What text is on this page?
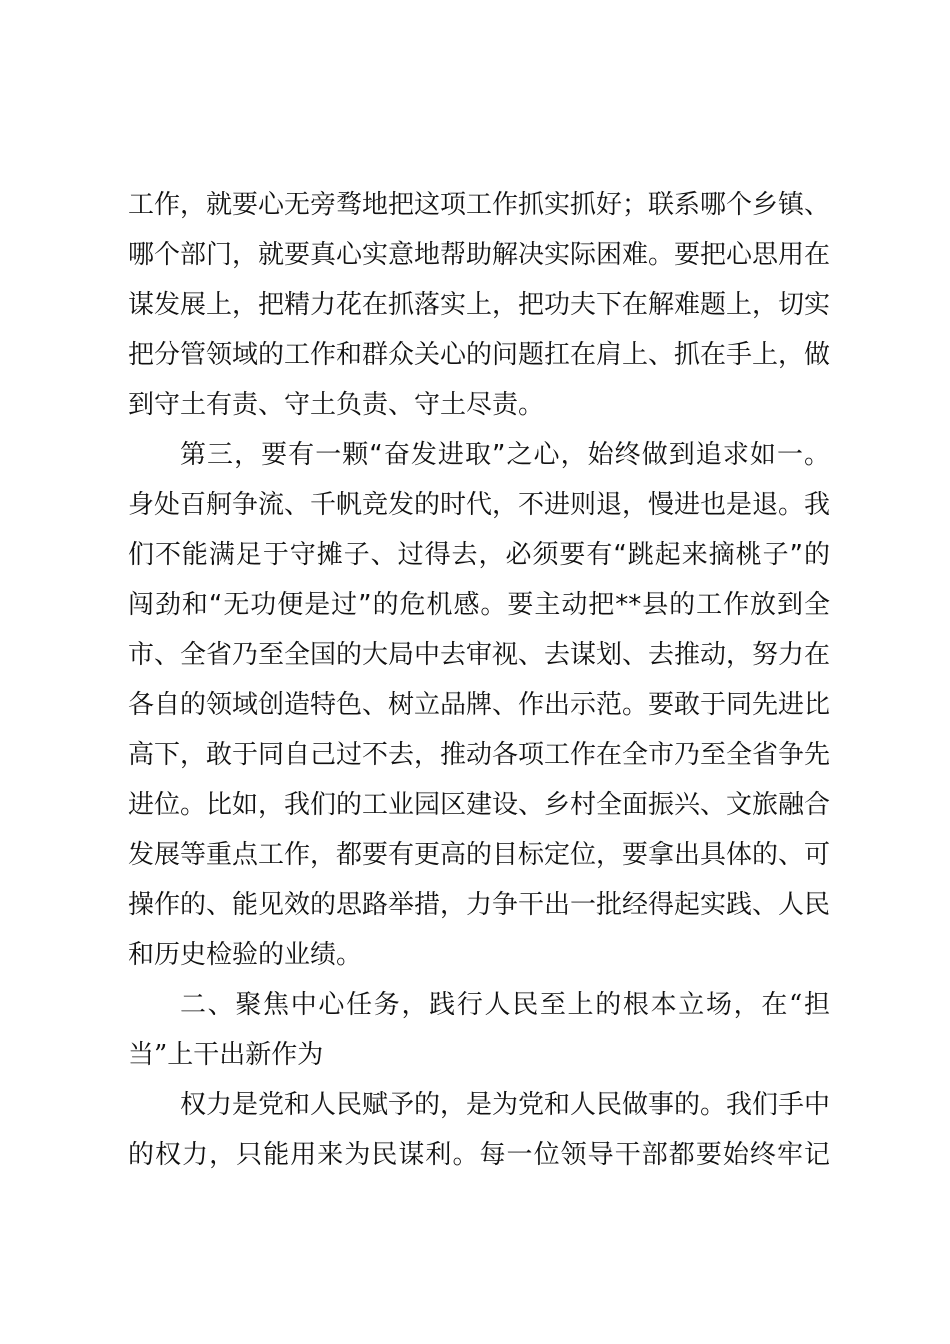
工作，就要心无旁骛地把这项工作抓实抓好；联系哪个乡镇、
哪个部门，就要真心实意地帮助解决实际困难。要把心思用在
谋发展上，把精力花在抓落实上，把功夫下在解难题上，切实
把分管领域的工作和群众关心的问题扛在肩上、抓在手上，做
到守土有责、守土负责、守土尽责。
第三，要有一颗“奋发进取”之心，始终做到追求如一。
身处百舸争流、千帆竞发的时代，不进则退，慢进也是退。我
们不能满足于守摊子、过得去，必须要有“跳起来摘桃子”的
闯劲和“无功便是过”的危机感。要主动把**县的工作放到全
市、全省乃至全国的大局中去审视、去谋划、去推动，努力在
各自的领域创造特色、树立品牌、作出示范。要敢于同先进比
高下，敢于同自己过不去，推动各项工作在全市乃至全省争先
进位。比如，我们的工业园区建设、乡村全面振兴、文旅融合
发展等重点工作，都要有更高的目标定位，要拿出具体的、可
操作的、能见效的思路举措，力争干出一批经得起实践、人民
和历史检验的业绩。
二、聚焦中心任务，践行人民至上的根本立场，在“担
当”上干出新作为
权力是党和人民赋予的，是为党和人民做事的。我们手中
的权力，只能用来为民谋利。每一位领导干部都要始终牢记
